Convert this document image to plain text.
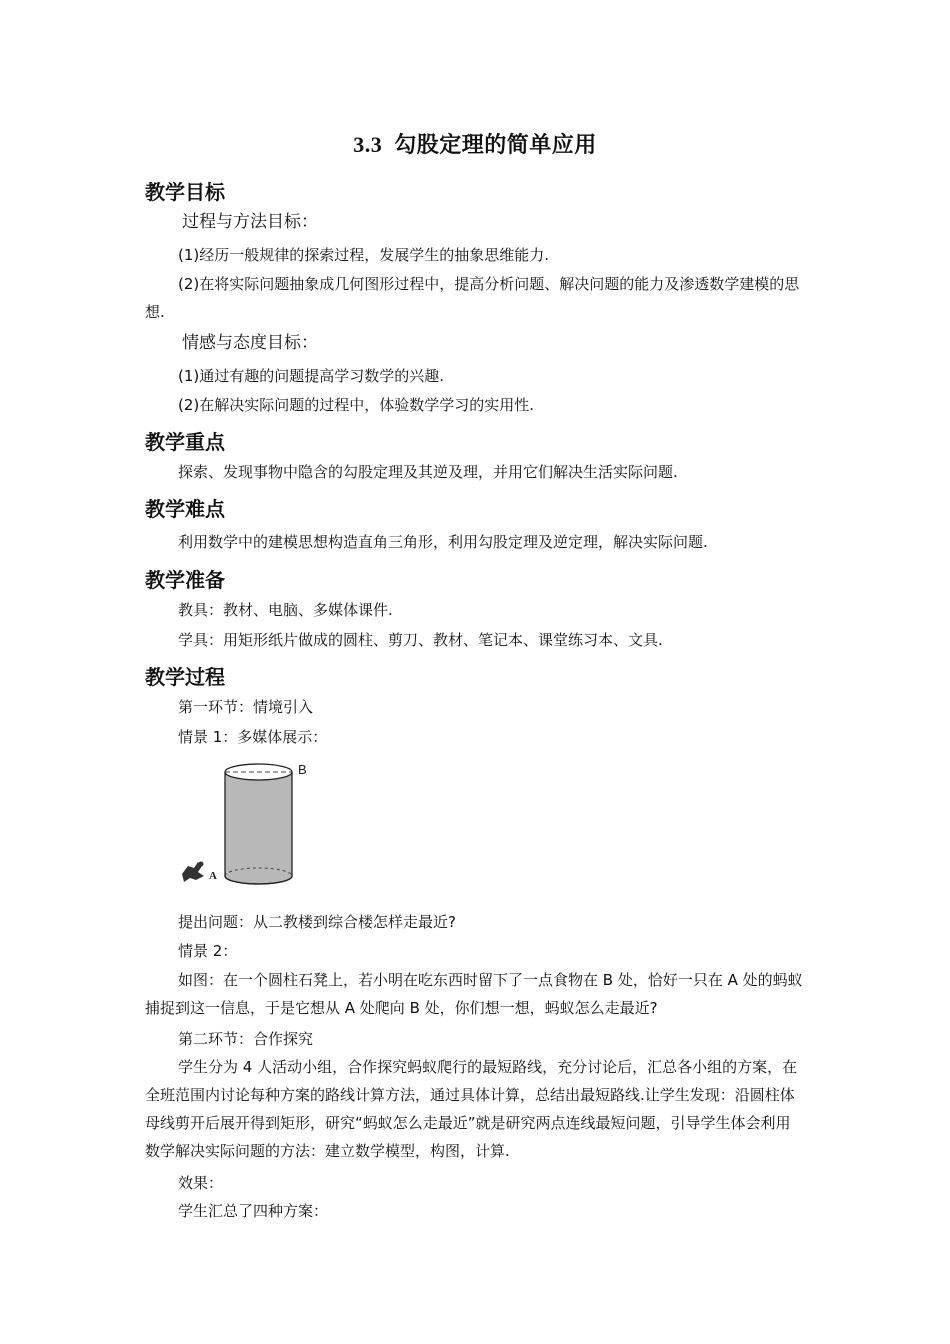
3.3 勾股定理的简单应用
教学目标
过程与方法目标：
(1)经历一般规律的探索过程，发展学生的抽象思维能力.
(2)在将实际问题抽象成几何图形过程中，提高分析问题、解决问题的能力及渗透数学建模的思想.
情感与态度目标：
(1)通过有趣的问题提高学习数学的兴趣.
(2)在解决实际问题的过程中，体验数学学习的实用性.
教学重点
探索、发现事物中隐含的勾股定理及其逆及理，并用它们解决生活实际问题.
教学难点
利用数学中的建模思想构造直角三角形，利用勾股定理及逆定理，解决实际问题.
教学准备
教具：教材、电脑、多媒体课件.
学具：用矩形纸片做成的圆柱、剪刀、教材、笔记本、课堂练习本、文具.
教学过程
第一环节：情境引入
情景 1：多媒体展示：
B
A
提出问题：从二教楼到综合楼怎样走最近?
情景 2：
如图：在一个圆柱石凳上，若小明在吃东西时留下了一点食物在 B 处，恰好一只在 A 处的蚂蚁捕捉到这一信息，于是它想从 A 处爬向 B 处，你们想一想，蚂蚁怎么走最近?
第二环节：合作探究
学生分为 4 人活动小组，合作探究蚂蚁爬行的最短路线，充分讨论后，汇总各小组的方案，在全班范围内讨论每种方案的路线计算方法，通过具体计算，总结出最短路线.让学生发现：沿圆柱体母线剪开后展开得到矩形，研究“蚂蚁怎么走最近”就是研究两点连线最短问题，引导学生体会利用数学解决实际问题的方法：建立数学模型，构图，计算.
效果：
学生汇总了四种方案：
